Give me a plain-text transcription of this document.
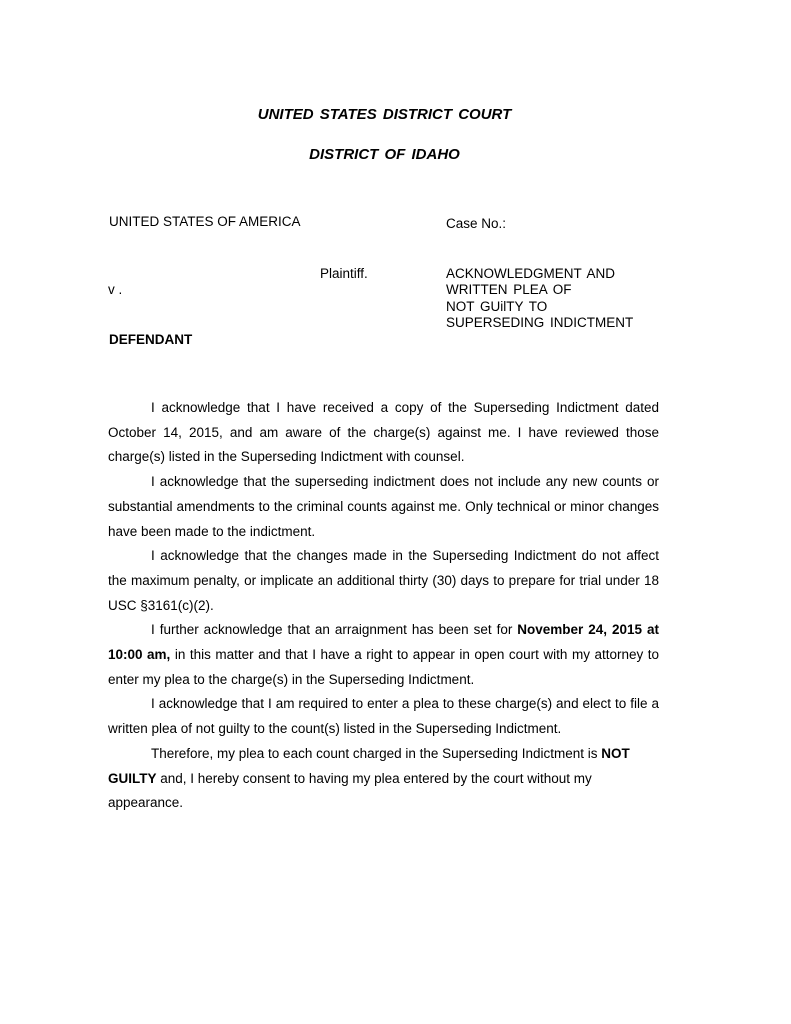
UNITED STATES DISTRICT COURT
DISTRICT OF IDAHO
UNITED STATES OF AMERICA	Case No.:
Plaintiff.
v .
DEFENDANT
ACKNOWLEDGMENT AND
WRITTEN PLEA OF
NOT GUilTY TO
SUPERSEDING INDICTMENT

I acknowledge that I have received a copy of the Superseding Indictment dated October 14, 2015, and am aware of the charge(s) against me. I have reviewed those charge(s) listed in the Superseding Indictment with counsel.

I acknowledge that the superseding indictment does not include any new counts or substantial amendments to the criminal counts against me. Only technical or minor changes have been made to the indictment.

I acknowledge that the changes made in the Superseding Indictment do not affect the maximum penalty, or implicate an additional thirty (30) days to prepare for trial under 18 USC §3161(c)(2).

I further acknowledge that an arraignment has been set for November 24, 2015 at 10:00 am, in this matter and that I have a right to appear in open court with my attorney to enter my plea to the charge(s) in the Superseding Indictment.

I acknowledge that I am required to enter a plea to these charge(s) and elect to file a written plea of not guilty to the count(s) listed in the Superseding Indictment.

Therefore, my plea to each count charged in the Superseding Indictment is NOT GUILTY and, I hereby consent to having my plea entered by the court without my appearance.
